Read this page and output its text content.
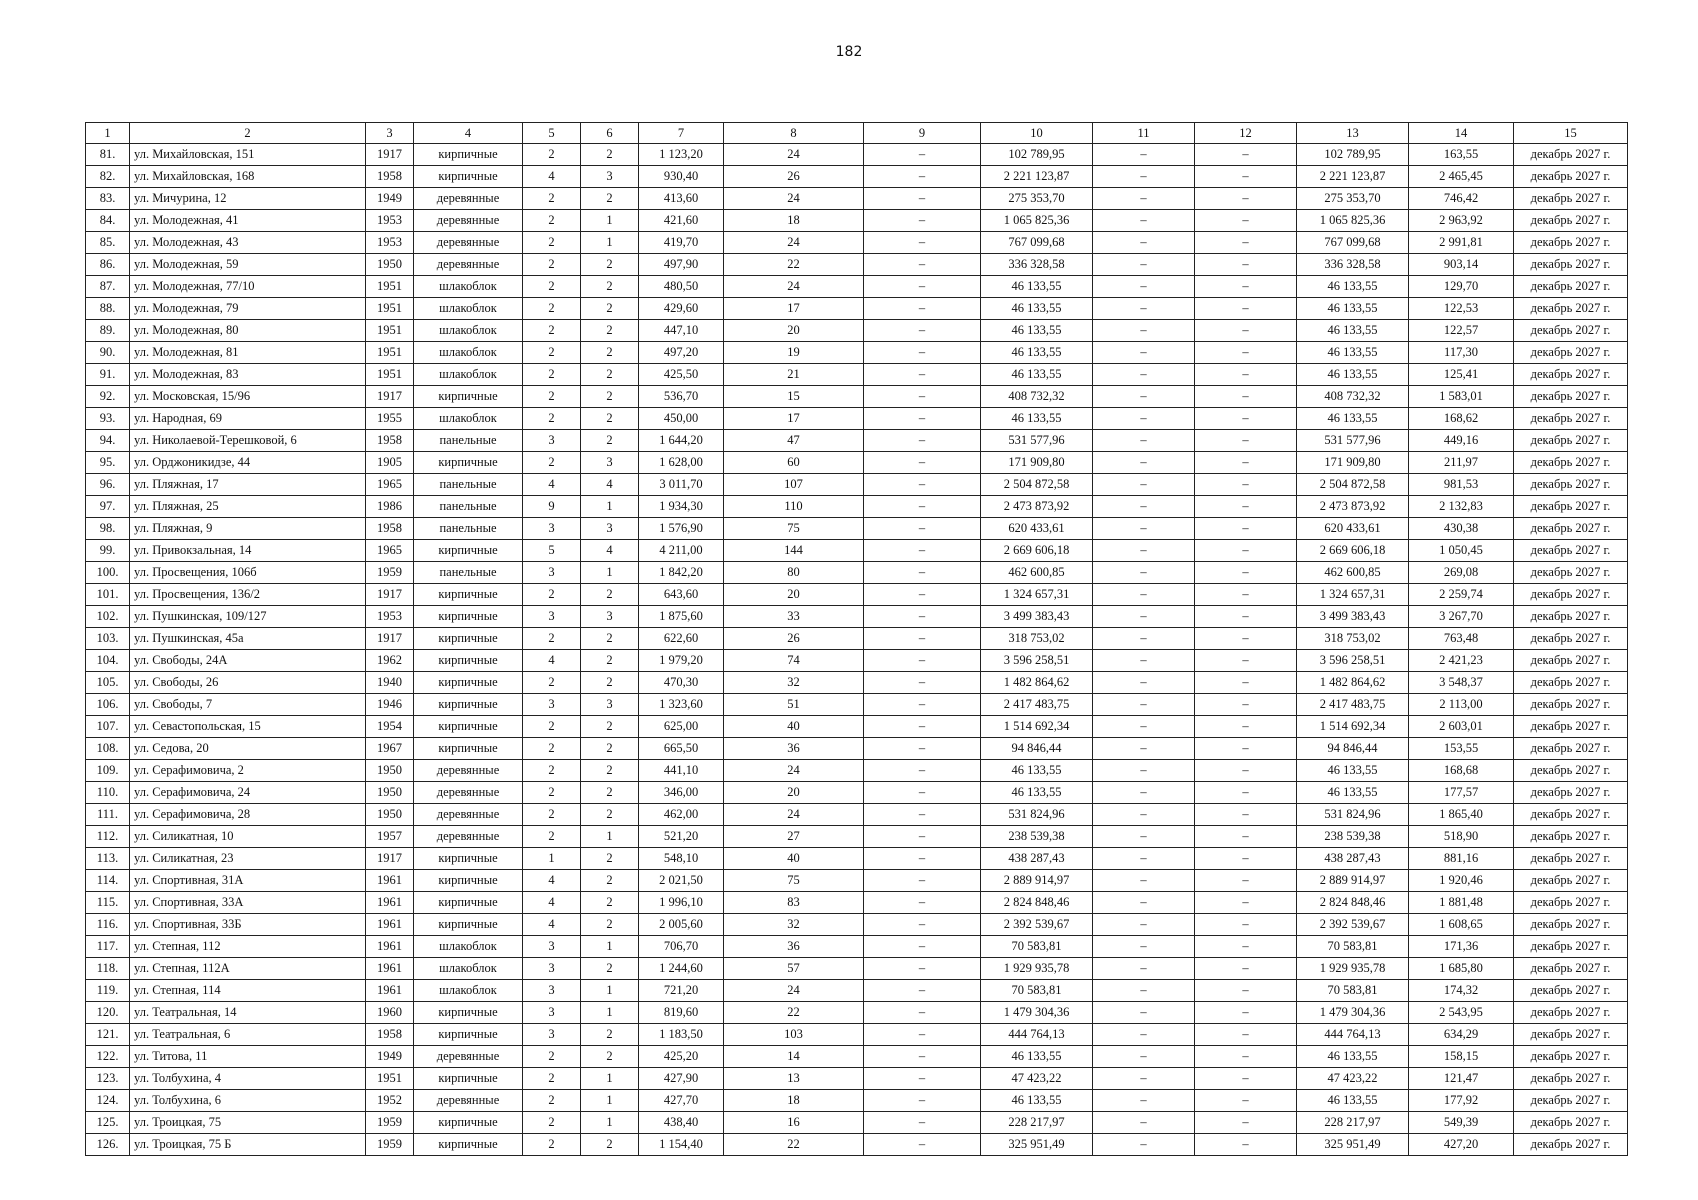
182
1	2	3	4	5	6	7	8	9	10	11	12	13	14	15
81.	ул. Михайловская, 151	1917	кирпичные	2	2	1 123,20	24	–	102 789,95	–	–	102 789,95	163,55	декабрь 2027 г.
82.	ул. Михайловская, 168	1958	кирпичные	4	3	930,40	26	–	2 221 123,87	–	–	2 221 123,87	2 465,45	декабрь 2027 г.
83.	ул. Мичурина, 12	1949	деревянные	2	2	413,60	24	–	275 353,70	–	–	275 353,70	746,42	декабрь 2027 г.
84.	ул. Молодежная, 41	1953	деревянные	2	1	421,60	18	–	1 065 825,36	–	–	1 065 825,36	2 963,92	декабрь 2027 г.
85.	ул. Молодежная, 43	1953	деревянные	2	1	419,70	24	–	767 099,68	–	–	767 099,68	2 991,81	декабрь 2027 г.
86.	ул. Молодежная, 59	1950	деревянные	2	2	497,90	22	–	336 328,58	–	–	336 328,58	903,14	декабрь 2027 г.
87.	ул. Молодежная, 77/10	1951	шлакоблок	2	2	480,50	24	–	46 133,55	–	–	46 133,55	129,70	декабрь 2027 г.
88.	ул. Молодежная, 79	1951	шлакоблок	2	2	429,60	17	–	46 133,55	–	–	46 133,55	122,53	декабрь 2027 г.
89.	ул. Молодежная, 80	1951	шлакоблок	2	2	447,10	20	–	46 133,55	–	–	46 133,55	122,57	декабрь 2027 г.
90.	ул. Молодежная, 81	1951	шлакоблок	2	2	497,20	19	–	46 133,55	–	–	46 133,55	117,30	декабрь 2027 г.
91.	ул. Молодежная, 83	1951	шлакоблок	2	2	425,50	21	–	46 133,55	–	–	46 133,55	125,41	декабрь 2027 г.
92.	ул. Московская, 15/96	1917	кирпичные	2	2	536,70	15	–	408 732,32	–	–	408 732,32	1 583,01	декабрь 2027 г.
93.	ул. Народная, 69	1955	шлакоблок	2	2	450,00	17	–	46 133,55	–	–	46 133,55	168,62	декабрь 2027 г.
94.	ул. Николаевой-Терешковой, 6	1958	панельные	3	2	1 644,20	47	–	531 577,96	–	–	531 577,96	449,16	декабрь 2027 г.
95.	ул. Орджоникидзе, 44	1905	кирпичные	2	3	1 628,00	60	–	171 909,80	–	–	171 909,80	211,97	декабрь 2027 г.
96.	ул. Пляжная, 17	1965	панельные	4	4	3 011,70	107	–	2 504 872,58	–	–	2 504 872,58	981,53	декабрь 2027 г.
97.	ул. Пляжная, 25	1986	панельные	9	1	1 934,30	110	–	2 473 873,92	–	–	2 473 873,92	2 132,83	декабрь 2027 г.
98.	ул. Пляжная, 9	1958	панельные	3	3	1 576,90	75	–	620 433,61	–	–	620 433,61	430,38	декабрь 2027 г.
99.	ул. Привокзальная, 14	1965	кирпичные	5	4	4 211,00	144	–	2 669 606,18	–	–	2 669 606,18	1 050,45	декабрь 2027 г.
100.	ул. Просвещения, 106б	1959	панельные	3	1	1 842,20	80	–	462 600,85	–	–	462 600,85	269,08	декабрь 2027 г.
101.	ул. Просвещения, 136/2	1917	кирпичные	2	2	643,60	20	–	1 324 657,31	–	–	1 324 657,31	2 259,74	декабрь 2027 г.
102.	ул. Пушкинская, 109/127	1953	кирпичные	3	3	1 875,60	33	–	3 499 383,43	–	–	3 499 383,43	3 267,70	декабрь 2027 г.
103.	ул. Пушкинская, 45а	1917	кирпичные	2	2	622,60	26	–	318 753,02	–	–	318 753,02	763,48	декабрь 2027 г.
104.	ул. Свободы, 24А	1962	кирпичные	4	2	1 979,20	74	–	3 596 258,51	–	–	3 596 258,51	2 421,23	декабрь 2027 г.
105.	ул. Свободы, 26	1940	кирпичные	2	2	470,30	32	–	1 482 864,62	–	–	1 482 864,62	3 548,37	декабрь 2027 г.
106.	ул. Свободы, 7	1946	кирпичные	3	3	1 323,60	51	–	2 417 483,75	–	–	2 417 483,75	2 113,00	декабрь 2027 г.
107.	ул. Севастопольская, 15	1954	кирпичные	2	2	625,00	40	–	1 514 692,34	–	–	1 514 692,34	2 603,01	декабрь 2027 г.
108.	ул. Седова, 20	1967	кирпичные	2	2	665,50	36	–	94 846,44	–	–	94 846,44	153,55	декабрь 2027 г.
109.	ул. Серафимовича, 2	1950	деревянные	2	2	441,10	24	–	46 133,55	–	–	46 133,55	168,68	декабрь 2027 г.
110.	ул. Серафимовича, 24	1950	деревянные	2	2	346,00	20	–	46 133,55	–	–	46 133,55	177,57	декабрь 2027 г.
111.	ул. Серафимовича, 28	1950	деревянные	2	2	462,00	24	–	531 824,96	–	–	531 824,96	1 865,40	декабрь 2027 г.
112.	ул. Силикатная, 10	1957	деревянные	2	1	521,20	27	–	238 539,38	–	–	238 539,38	518,90	декабрь 2027 г.
113.	ул. Силикатная, 23	1917	кирпичные	1	2	548,10	40	–	438 287,43	–	–	438 287,43	881,16	декабрь 2027 г.
114.	ул. Спортивная, 31А	1961	кирпичные	4	2	2 021,50	75	–	2 889 914,97	–	–	2 889 914,97	1 920,46	декабрь 2027 г.
115.	ул. Спортивная, 33А	1961	кирпичные	4	2	1 996,10	83	–	2 824 848,46	–	–	2 824 848,46	1 881,48	декабрь 2027 г.
116.	ул. Спортивная, 33Б	1961	кирпичные	4	2	2 005,60	32	–	2 392 539,67	–	–	2 392 539,67	1 608,65	декабрь 2027 г.
117.	ул. Степная, 112	1961	шлакоблок	3	1	706,70	36	–	70 583,81	–	–	70 583,81	171,36	декабрь 2027 г.
118.	ул. Степная, 112А	1961	шлакоблок	3	2	1 244,60	57	–	1 929 935,78	–	–	1 929 935,78	1 685,80	декабрь 2027 г.
119.	ул. Степная, 114	1961	шлакоблок	3	1	721,20	24	–	70 583,81	–	–	70 583,81	174,32	декабрь 2027 г.
120.	ул. Театральная, 14	1960	кирпичные	3	1	819,60	22	–	1 479 304,36	–	–	1 479 304,36	2 543,95	декабрь 2027 г.
121.	ул. Театральная, 6	1958	кирпичные	3	2	1 183,50	103	–	444 764,13	–	–	444 764,13	634,29	декабрь 2027 г.
122.	ул. Титова, 11	1949	деревянные	2	2	425,20	14	–	46 133,55	–	–	46 133,55	158,15	декабрь 2027 г.
123.	ул. Толбухина, 4	1951	кирпичные	2	1	427,90	13	–	47 423,22	–	–	47 423,22	121,47	декабрь 2027 г.
124.	ул. Толбухина, 6	1952	деревянные	2	1	427,70	18	–	46 133,55	–	–	46 133,55	177,92	декабрь 2027 г.
125.	ул. Троицкая, 75	1959	кирпичные	2	1	438,40	16	–	228 217,97	–	–	228 217,97	549,39	декабрь 2027 г.
126.	ул. Троицкая, 75 Б	1959	кирпичные	2	2	1 154,40	22	–	325 951,49	–	–	325 951,49	427,20	декабрь 2027 г.
